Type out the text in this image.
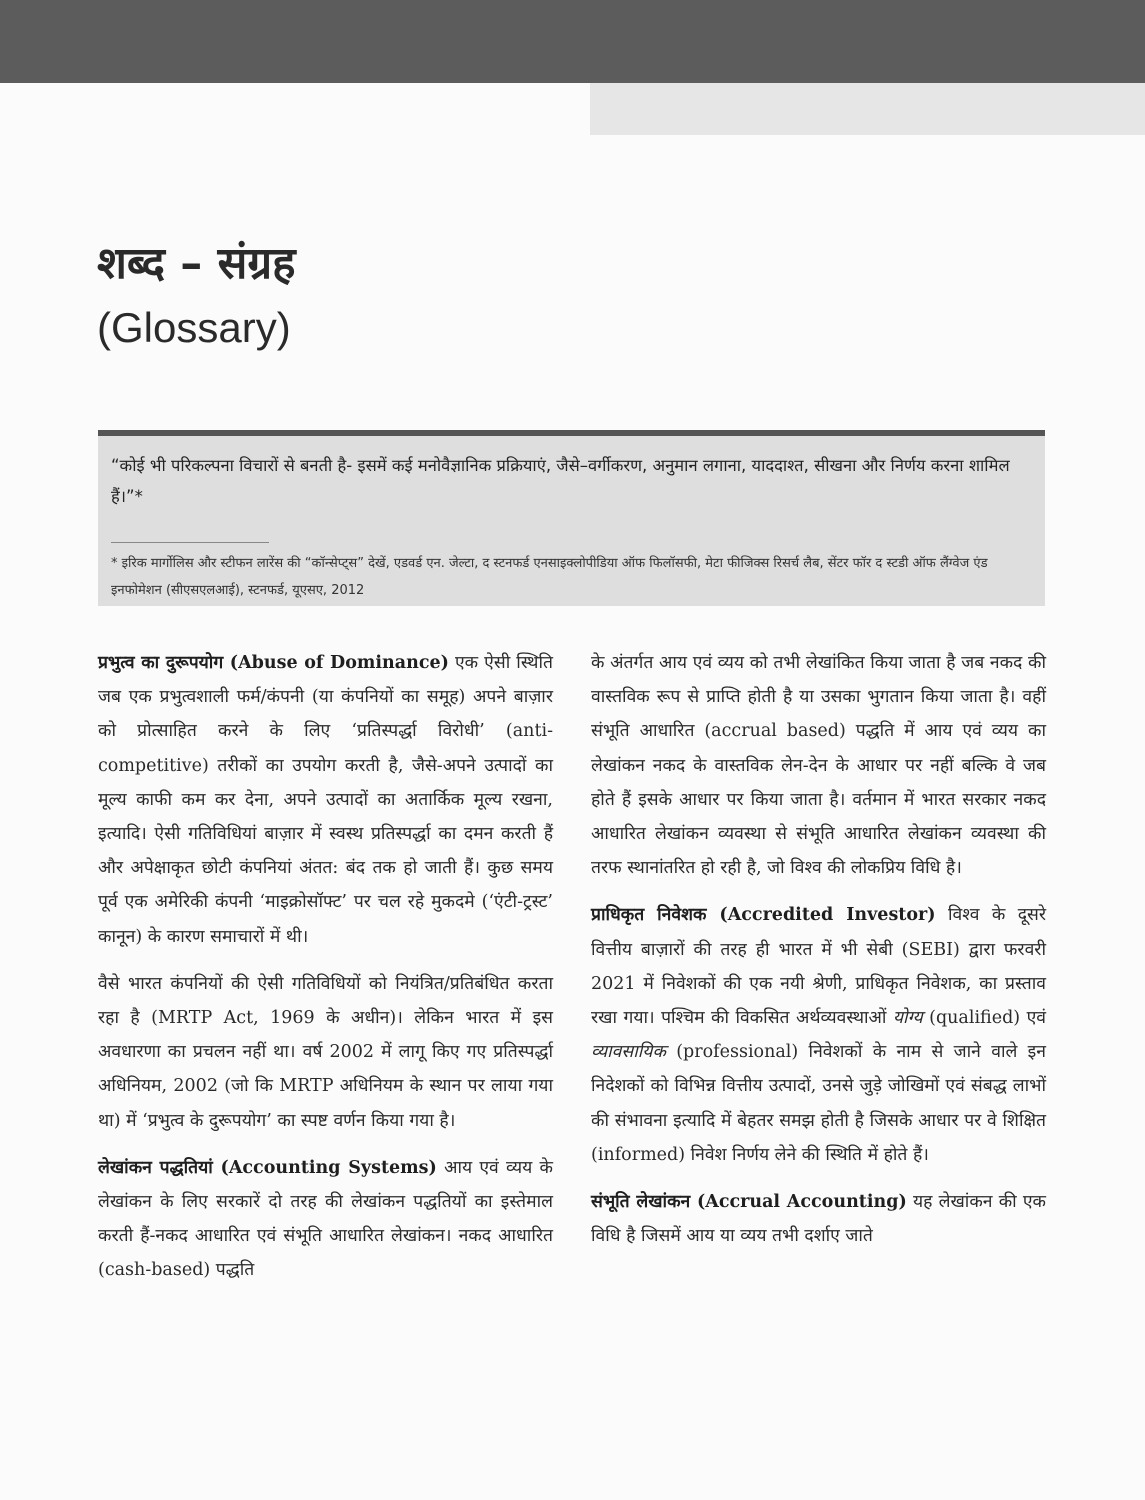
शब्द – संग्रह
(Glossary)
“कोई भी परिकल्पना विचारों से बनती है- इसमें कई मनोवैज्ञानिक प्रक्रियाएं, जैसे–वर्गीकरण, अनुमान लगाना, याददाश्त, सीखना और निर्णय करना शामिल हैं।”*
* इरिक मार्गोलिस और स्टीफन लारेंस की “कॉन्सेप्ट्स” देखें, एडवर्ड एन. जेल्टा, द स्टनफर्ड एनसाइक्लोपीडिया ऑफ फिलॉसफी, मेटा फीजिक्स रिसर्च लैब, सेंटर फॉर द स्टडी ऑफ लैंग्वेज एंड इनफोमेशन (सीएसएलआई), स्टनफर्ड, यूएसए, 2012

प्रभुत्व का दुरूपयोग (Abuse of Dominance) एक ऐसी स्थिति जब एक प्रभुत्वशाली फर्म/कंपनी (या कंपनियों का समूह) अपने बाज़ार को प्रोत्साहित करने के लिए ‘प्रतिस्पर्द्धा विरोधी’ (anti-competitive) तरीकों का उपयोग करती है, जैसे-अपने उत्पादों का मूल्य काफी कम कर देना, अपने उत्पादों का अतार्किक मूल्य रखना, इत्यादि। ऐसी गतिविधियां बाज़ार में स्वस्थ प्रतिस्पर्द्धा का दमन करती हैं और अपेक्षाकृत छोटी कंपनियां अंतत: बंद तक हो जाती हैं। कुछ समय पूर्व एक अमेरिकी कंपनी ‘माइक्रोसॉफ्ट’ पर चल रहे मुकदमे (‘एंटी-ट्रस्ट’ कानून) के कारण समाचारों में थी।

वैसे भारत कंपनियों की ऐसी गतिविधियों को नियंत्रित/प्रतिबंधित करता रहा है (MRTP Act, 1969 के अधीन)। लेकिन भारत में इस अवधारणा का प्रचलन नहीं था। वर्ष 2002 में लागू किए गए प्रतिस्पर्द्धा अधिनियम, 2002 (जो कि MRTP अधिनियम के स्थान पर लाया गया था) में ‘प्रभुत्व के दुरूपयोग’ का स्पष्ट वर्णन किया गया है।

लेखांकन पद्धतियां (Accounting Systems) आय एवं व्यय के लेखांकन के लिए सरकारें दो तरह की लेखांकन पद्धतियों का इस्तेमाल करती हैं-नकद आधारित एवं संभूति आधारित लेखांकन। नकद आधारित (cash-based) पद्धति

के अंतर्गत आय एवं व्यय को तभी लेखांकित किया जाता है जब नकद की वास्तविक रूप से प्राप्ति होती है या उसका भुगतान किया जाता है। वहीं संभूति आधारित (accrual based) पद्धति में आय एवं व्यय का लेखांकन नकद के वास्तविक लेन-देन के आधार पर नहीं बल्कि वे जब होते हैं इसके आधार पर किया जाता है। वर्तमान में भारत सरकार नकद आधारित लेखांकन व्यवस्था से संभूति आधारित लेखांकन व्यवस्था की तरफ स्थानांतरित हो रही है, जो विश्व की लोकप्रिय विधि है।

प्राधिकृत निवेशक (Accredited Investor) विश्व के दूसरे वित्तीय बाज़ारों की तरह ही भारत में भी सेबी (SEBI) द्वारा फरवरी 2021 में निवेशकों की एक नयी श्रेणी, प्राधिकृत निवेशक, का प्रस्ताव रखा गया। पश्चिम की विकसित अर्थव्यवस्थाओं योग्य (qualified) एवं व्यावसायिक (professional) निवेशकों के नाम से जाने वाले इन निदेशकों को विभिन्न वित्तीय उत्पादों, उनसे जुड़े जोखिमों एवं संबद्ध लाभों की संभावना इत्यादि में बेहतर समझ होती है जिसके आधार पर वे शिक्षित (informed) निवेश निर्णय लेने की स्थिति में होते हैं।

संभूति लेखांकन (Accrual Accounting) यह लेखांकन की एक विधि है जिसमें आय या व्यय तभी दर्शाए जाते
